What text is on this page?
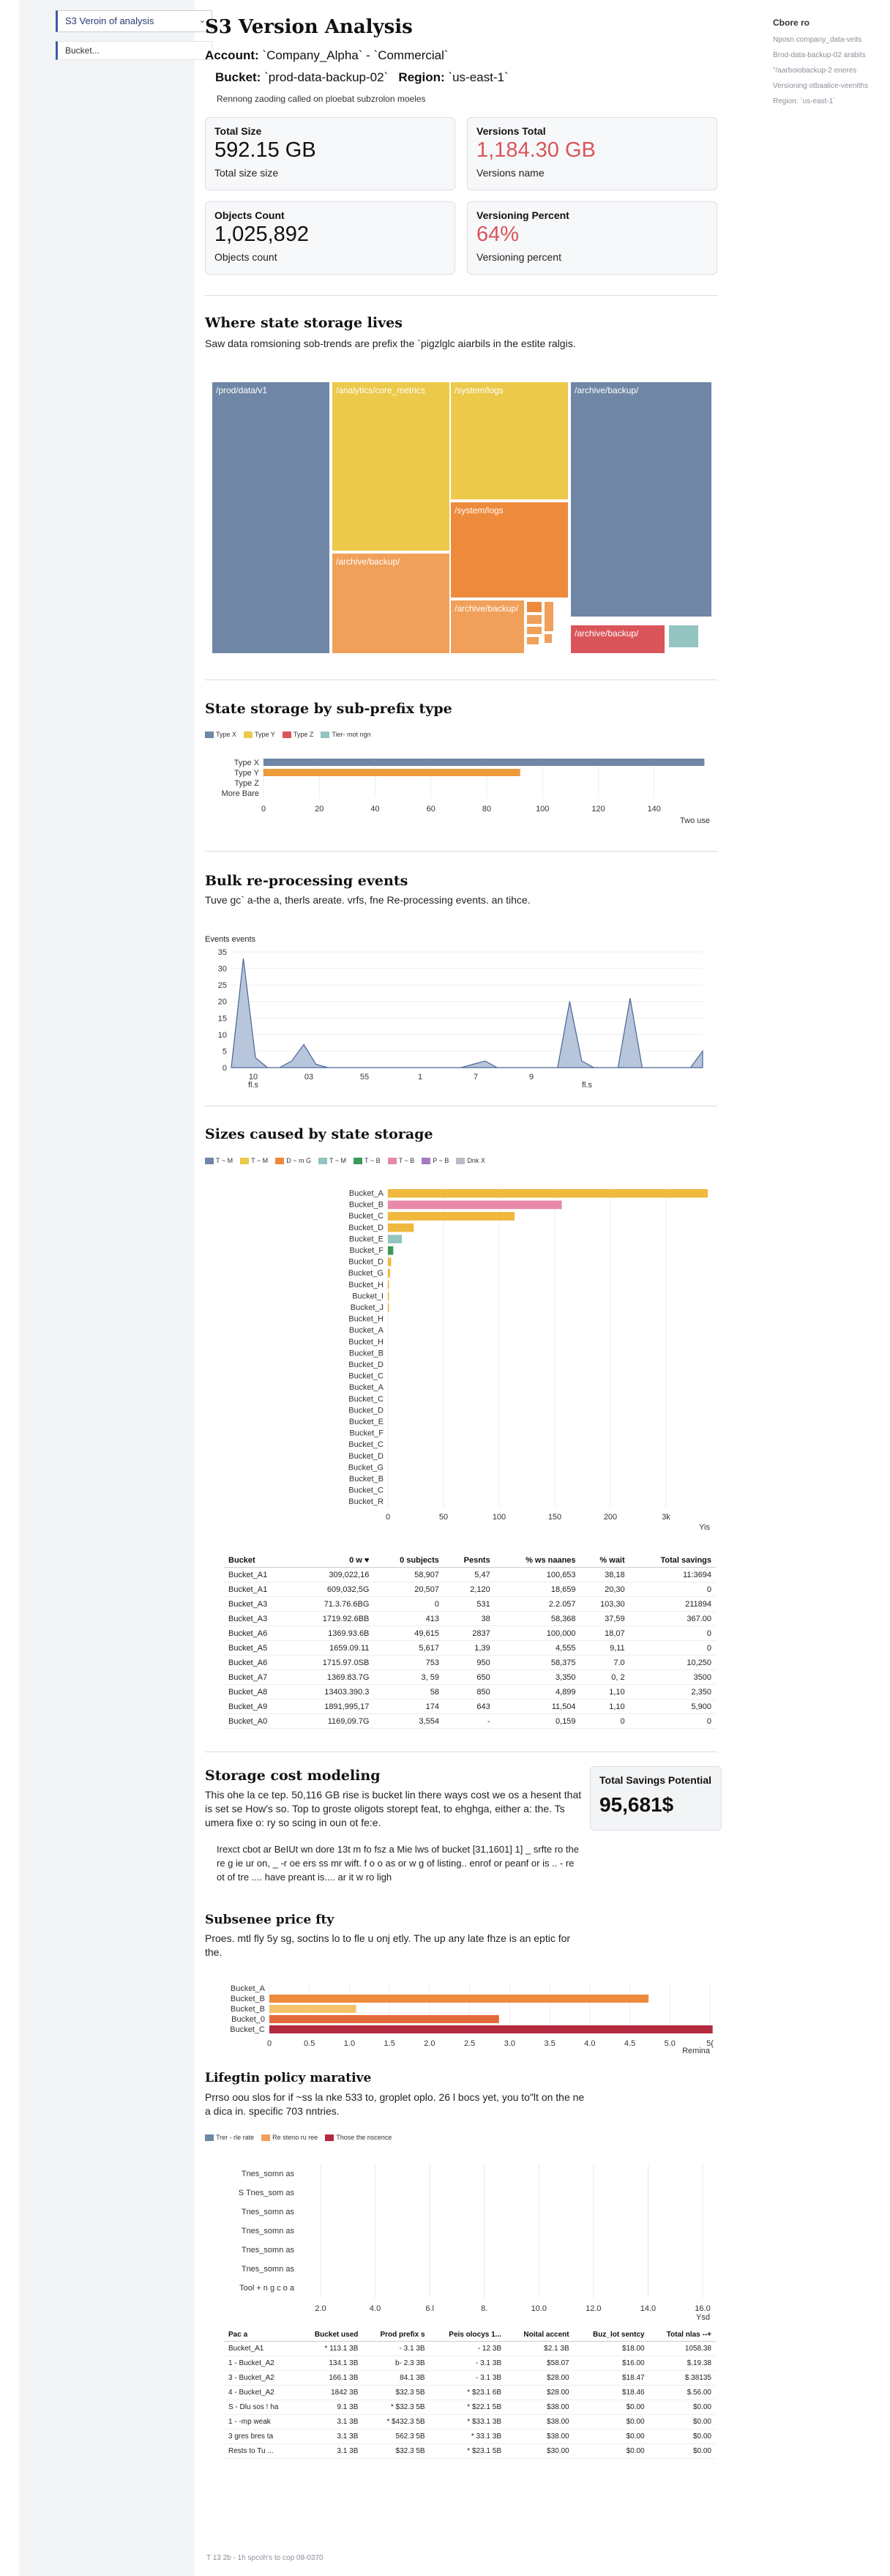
S3 Veroin of analysis	⌄
Bucket...
S3 Version Analysis
Account: `Company_Alpha` - `Commercial`
Bucket: `prod-data-backup-02` Region: `us-east-1`
Rennong zaoding called on ploebat subzrolon moeles
Total Size
592.15 GB
Total size size
Versions Total
1,184.30 GB
Versions name
Objects Count
1,025,892
Objects count
Versioning Percent
64%
Versioning percent
Where state storage lives
Saw data romsioning sob-trends are prefix the `pigzlglc aiarbils in the estite ralgis.
/prod/data/v1	/analytics/core_metrics	/system/logs	/archive/backup/
/system/logs
/archive/backup/
/archive/backup/
/archive/backup/
State storage by sub-prefix type
Type X	Type Y	Type Z	Tier- mot ngn
0	20	40	60	80	100	120	140
Type X
Type Y
Type Z
More Bare
Two use
Bulk re-processing events
Tuve gc` a-the a, therls areate. vrfs, fne Re-processing events. an tihce.
Events events
0
5
10
15
20
25
30
35
10
fl.s
03	55	1	7	9
fl.s
Sizes caused by state storage
T ~ M	T ~ M	D ~ m G	T ~ M	T ~ B	T ~ B	P ~ B	Dnk X
0	50	100	150	200	3k
Bucket_A
Bucket_B
Bucket_C
Bucket_D
Bucket_E
Bucket_F
Bucket_D
Bucket_G
Bucket_H
Bucket_I
Bucket_J
Bucket_H
Bucket_A
Bucket_H
Bucket_B
Bucket_D
Bucket_C
Bucket_A
Bucket_C
Bucket_D
Bucket_E
Bucket_F
Bucket_C
Bucket_D
Bucket_G
Bucket_B
Bucket_C
Bucket_R
Yis
Bucket	0 w ♥	0 subjects	Pesnts	% ws naanes	% wait	Total savings
Bucket_A1	309,022,16	58,907	5,47	100,653	38,18	11:3694
Bucket_A1	609,032,5G	20,507	2,120	18,659	20,30	0
Bucket_A3	71.3.76.6BG	0	531	2.2.057	103,30	211894
Bucket_A3	1719.92.6BB	413	38	58,368	37,59	367.00
Bucket_A6	1369.93.6B	49,615	2837	100,000	18,07	0
Bucket_A5	1659.09.11	5,617	1,39	4,555	9,11	0
Bucket_A6	1715.97.0SB	753	950	58,375	7.0	10,250
Bucket_A7	1369.83.7G	3, 59	650	3,350	0, 2	3500
Bucket_A8	13403.390.3	58	850	4,899	1,10	2,350
Bucket_A9	1891,995,17	174	643	11,504	1,10	5,900
Bucket_A0	1169,09.7G	3,554	-	0,159	0	0
Storage cost modeling
This ohe la ce tep. 50,116 GB rise is bucket lin there ways cost we os a hesent that is set se How's so. Top to groste oligots storept feat, to ehghga, either a: the. Ts umera fixe o: ry so scing in oun ot fe:e.
Irexct cbot ar BeIUt wn dore 13t m fo fsz a Mie lws of bucket [31,1601] 1] _ srfte ro the re g ie ur on, _ -r oe ers ss mr wift. f o o as or w g of listing.. enrof or peanf or is .. - re ot of tre .... have preant is.... ar it w ro ligh
Total Savings Potential
95,681$
Subsenee price fty
Proes. mtl fly 5y sg, soctins lo to fle u onj etly. The up any late fhze is an eptic for the.
0	0.5	1.0	1.5	2.0	2.5	3.0	3.5	4.0	4.5	5.0	5(
Bucket_A
Bucket_B
Bucket_B
Bucket_0
Bucket_C
Remina
Lifegtin policy marative
Prrso oou slos for if ~ss la nke 533 to, groplet oplo. 26 l bocs yet, you to"lt on the ne a dica in. specific 703 nntries.
Trer - rle rate	Re steno ru ree	Those the nscence
2.0	4.0	6.l	8.	10.0	12.0	14.0	16.0
Tnes_somn as
S Tnes_som as
Tnes_somn as
Tnes_somn as
Tnes_somn as
Tnes_somn as
Tool + n g c o a
Ysd
Pac a	Bucket used	Prod prefix s	Peis olocys 1...	Noital accent	Buz_lot sentcy	Total nlas --+
Bucket_A1	* 113.1 3B	- 3.1 3B	- 12 3B	$2.1 3B	$18.00	1058.38
1 - Bucket_A2	134.1 3B	b- 2.3 3B	- 3.1 3B	$58.07	$16.00	$.19.38
3 - Bucket_A2	166.1 3B	84.1 3B	- 3.1 3B	$28.00	$18.47	$.38135
4 - Bucket_A2	1842 3B	$32.3 5B	* $23.1 6B	$28.00	$18.46	$.56.00
S - Dlu sos ! ha	9.1 3B	* $32.3 5B	* $22.1 5B	$38.00	$0.00	$0.00
1 - -mp weak	3.1 3B	* $432.3 5B	* $33.1 3B	$38.00	$0.00	$0.00
3 gres bres ta	3.1 3B	562.3 5B	* 33.1 3B	$38.00	$0.00	$0.00
Rests to Tu ...	3.1 3B	$32.3 5B	* $23.1 5B	$30.00	$0.00	$0.00
Cbore ro
Nposn company_data-veits
Brod-data-backup-02 arabits
"/aarboiobackup-2 eneres
Versioning otbaalice-veeniths
Region: `us-east-1`
T 13 2b - 1h spcoh's to cop 08-0370
